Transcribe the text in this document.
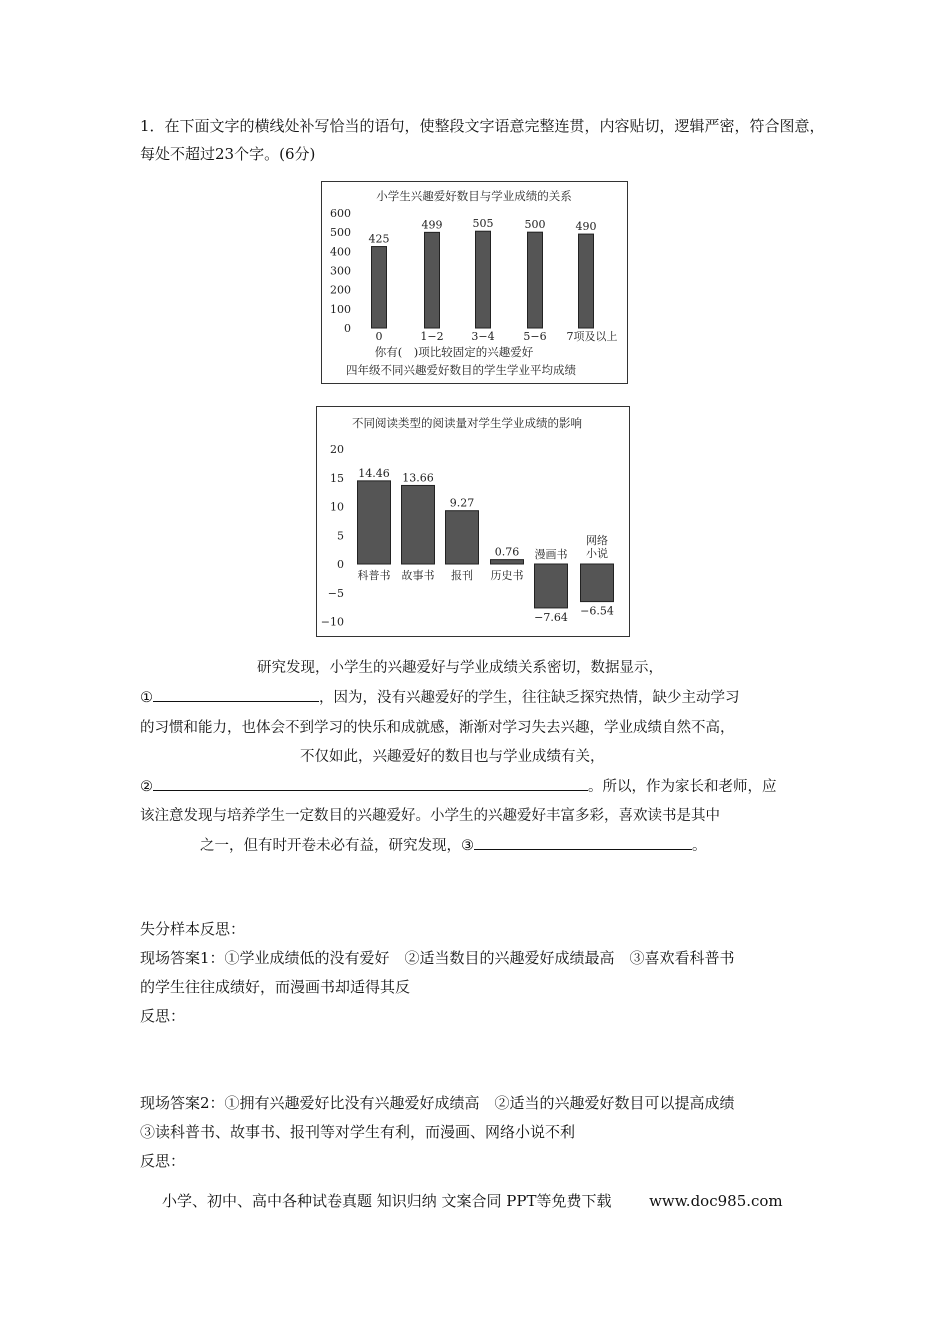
1．在下面文字的横线处补写恰当的语句，使整段文字语意完整连贯，内容贴切，逻辑严密，符合图意，每处不超过23个字。(6分)
小学生兴趣爱好数目与学业成绩的关系
600
500
400
300
200
100
0
425
0
499
1−2
505
3−4
500
5−6
490
7项及以上
你有(　)项比较固定的兴趣爱好
四年级不同兴趣爱好数目的学生学业平均成绩
不同阅读类型的阅读量对学生学业成绩的影响
20
15
10
5
0
−5
−10
14.46
科普书
13.66
故事书
9.27
报刊
0.76
历史书
−7.64
漫画书
−6.54
网络小说
研究发现，小学生的兴趣爱好与学业成绩关系密切，数据显示，
①	，因为，没有兴趣爱好的学生，往往缺乏探究热情，缺少主动学习
的习惯和能力，也体会不到学习的快乐和成就感，渐渐对学习失去兴趣，学业成绩自然不高，
不仅如此，兴趣爱好的数目也与学业成绩有关，
②	。所以，作为家长和老师，应
该注意发现与培养学生一定数目的兴趣爱好。小学生的兴趣爱好丰富多彩，喜欢读书是其中
之一，但有时开卷未必有益，研究发现，③	。
失分样本反思：
现场答案1：①学业成绩低的没有爱好　②适当数目的兴趣爱好成绩最高　③喜欢看科普书
的学生往往成绩好，而漫画书却适得其反
反思：
现场答案2：①拥有兴趣爱好比没有兴趣爱好成绩高　②适当的兴趣爱好数目可以提高成绩
③读科普书、故事书、报刊等对学生有利，而漫画、网络小说不利
反思：
小学、初中、高中各种试卷真题 知识归纳 文案合同 PPT等免费下载	www.doc985.com
